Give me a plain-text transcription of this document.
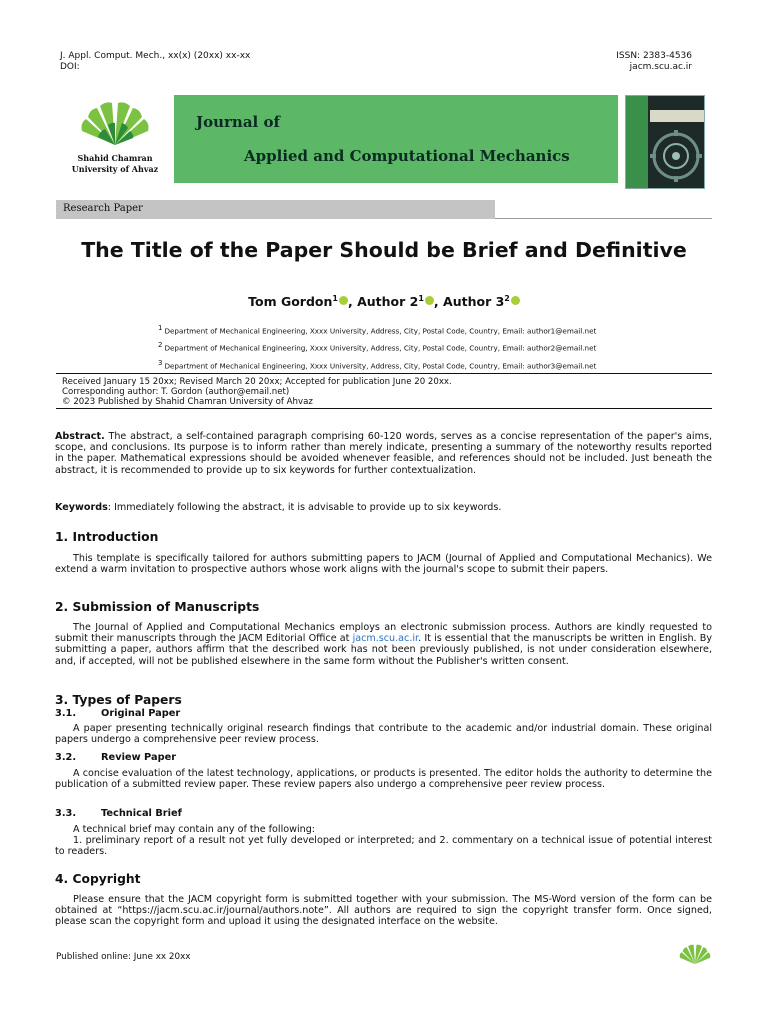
J. Appl. Comput. Mech., xx(x) (20xx) xx-xx
DOI:
ISSN: 2383-4536
jacm.scu.ac.ir
Shahid Chamran
University of Ahvaz
Journal of
Applied and Computational Mechanics
Research Paper
The Title of the Paper Should be Brief and Definitive
Tom Gordon$^1$ , Author $2^1$ , Author $3^2$
$^1$ Department of Mechanical Engineering, Xxxx University, Address, City, Postal Code, Country, Email: author1@email.net
$^2$ Department of Mechanical Engineering, Xxxx University, Address, City, Postal Code, Country, Email: author2@email.net
$^3$ Department of Mechanical Engineering, Xxxx University, Address, City, Postal Code, Country, Email: author3@email.net
Received January 15 20xx; Revised March 20 20xx; Accepted for publication June 20 20xx.
Corresponding author: T. Gordon (author@email.net)
© 2023 Published by Shahid Chamran University of Ahvaz
Abstract. The abstract, a self-contained paragraph comprising 60-120 words, serves as a concise representation of the paper's aims, scope, and conclusions. Its purpose is to inform rather than merely indicate, presenting a summary of the noteworthy results reported in the paper. Mathematical expressions should be avoided whenever feasible, and references should not be included. Just beneath the abstract, it is recommended to provide up to six keywords for further contextualization.
Keywords: Immediately following the abstract, it is advisable to provide up to six keywords.
1. Introduction

This template is specifically tailored for authors submitting papers to JACM (Journal of Applied and Computational Mechanics). We extend a warm invitation to prospective authors whose work aligns with the journal's scope to submit their papers.

2. Submission of Manuscripts

The Journal of Applied and Computational Mechanics employs an electronic submission process. Authors are kindly requested to submit their manuscripts through the JACM Editorial Office at jacm.scu.ac.ir. It is essential that the manuscripts be written in English. By submitting a paper, authors affirm that the described work has not been previously published, is not under consideration elsewhere, and, if accepted, will not be published elsewhere in the same form without the Publisher's written consent.

3. Types of Papers
3.1.	Original Paper

A paper presenting technically original research findings that contribute to the academic and/or industrial domain. These original papers undergo a comprehensive peer review process.

3.2.	Review Paper

A concise evaluation of the latest technology, applications, or products is presented. The editor holds the authority to determine the publication of a submitted review paper. These review papers also undergo a comprehensive peer review process.

3.3.	Technical Brief

A technical brief may contain any of the following:

1. preliminary report of a result not yet fully developed or interpreted; and 2. commentary on a technical issue of potential interest to readers.

4. Copyright

Please ensure that the JACM copyright form is submitted together with your submission. The MS-Word version of the form can be obtained at “https://jacm.scu.ac.ir/journal/authors.note”. All authors are required to sign the copyright transfer form. Once signed, please scan the copyright form and upload it using the designated interface on the website.

Published online: June xx 20xx
